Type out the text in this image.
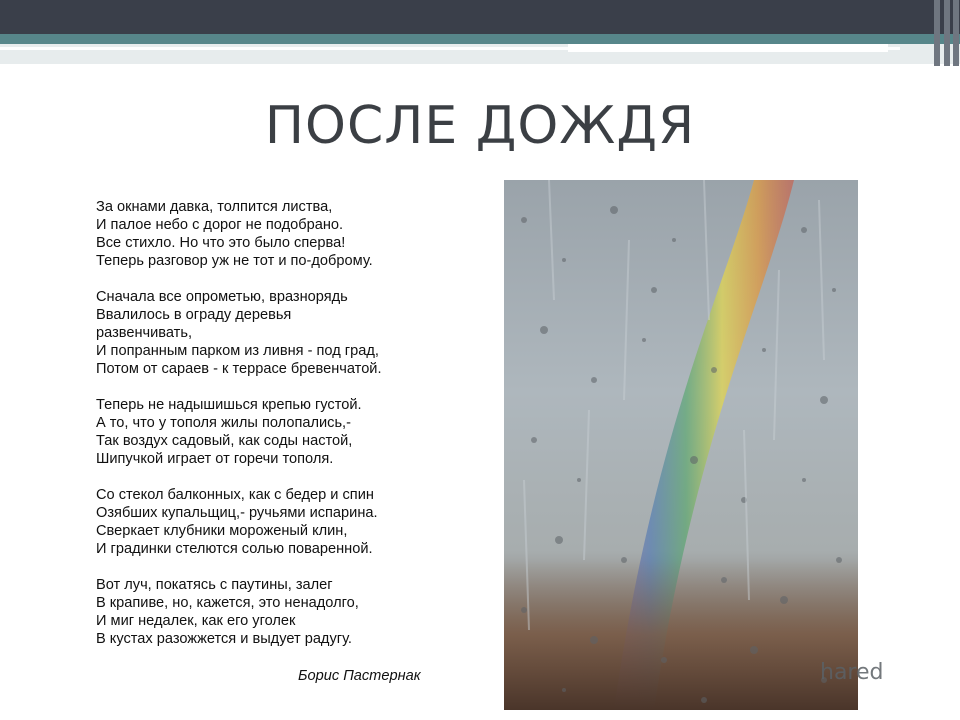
ПОСЛЕ ДОЖДЯ
За окнами давка, толпится листва,
И палое небо с дорог не подобрано.
Все стихло. Но что это было сперва!
Теперь разговор уж не тот и по-доброму.
Сначала все опрометью, вразнорядь
Ввалилось в ограду деревья
развенчивать,
И попранным парком из ливня - под град,
Потом от сараев - к террасе бревенчатой.
Теперь не надышишься крепью густой.
А то, что у тополя жилы полопались,-
Так воздух садовый, как соды настой,
Шипучкой играет от горечи тополя.
Со стекол балконных, как с бедер и спин
Озябших купальщиц,- ручьями испарина.
Сверкает клубники мороженый клин,
И градинки стелются солью поваренной.
Вот луч, покатясь с паутины, залег
В крапиве, но, кажется, это ненадолго,
И миг недалек, как его уголек
В кустах разожжется и выдует радугу.
Борис Пастернак	hared
